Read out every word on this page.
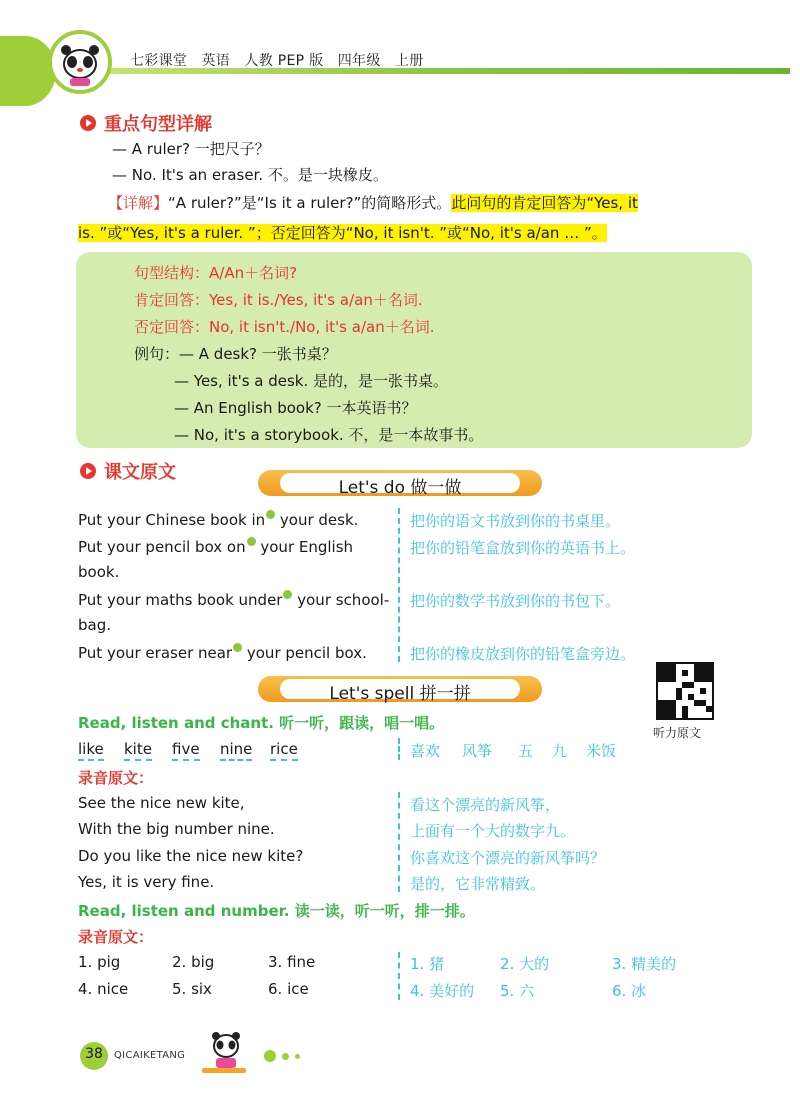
七彩课堂　英语　人教 PEP 版　四年级　上册
重点句型详解
— A ruler? 一把尺子？
— No. It's an eraser. 不。是一块橡皮。
【详解】“A ruler?”是“Is it a ruler?”的简略形式。此问句的肯定回答为“Yes, it
is. ”或“Yes, it's a ruler. ”；否定回答为“No, it isn't. ”或“No, it's a/an … ”。
句型结构：A/An＋名词?
肯定回答：Yes, it is./Yes, it's a/an＋名词.
否定回答：No, it isn't./No, it's a/an＋名词.
例句：— A desk? 一张书桌？
— Yes, it's a desk. 是的，是一张书桌。
— An English book? 一本英语书？
— No, it's a storybook. 不，是一本故事书。
课文原文
Let's do 做一做
Put your Chinese book in your desk.	把你的语文书放到你的书桌里。
Put your pencil box on your English	把你的铅笔盒放到你的英语书上。
book.
Put your maths book under your school- 把你的数学书放到你的书包下。
bag.
Put your eraser near your pencil box.	把你的橡皮放到你的铅笔盒旁边。
Let's spell 拼一拼
听力原文
Read, listen and chant. 听一听，跟读，唱一唱。
like kite five nine rice	喜欢 风筝 五 九 米饭
录音原文：
See the nice new kite,	看这个漂亮的新风筝，
With the big number nine.	上面有一个大的数字九。
Do you like the nice new kite?	你喜欢这个漂亮的新风筝吗？
Yes, it is very fine.	是的，它非常精致。
Read, listen and number. 读一读，听一听，排一排。
录音原文：
1. pig	2. big	3. fine	1. 猪	2. 大的	3. 精美的
4. nice	5. six	6. ice	4. 美好的 5. 六	6. 冰
38	QICAIKETANG
